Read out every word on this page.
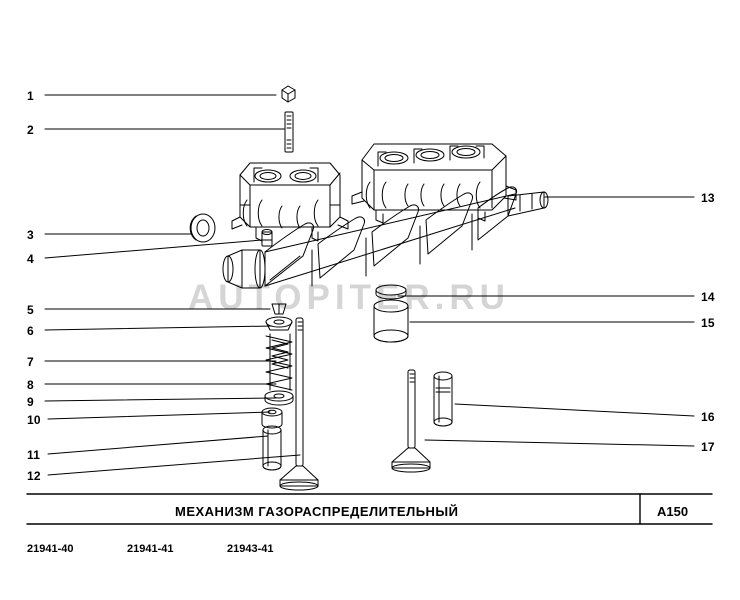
AUTOPITER.RU
1
2
3
4
5
6
7
8
9
10
11
12
13
14
15
16
17
МЕХАНИЗМ ГАЗОРАСПРЕДЕЛИТЕЛЬНЫЙ	A150
21941-40	21941-41	21943-41
